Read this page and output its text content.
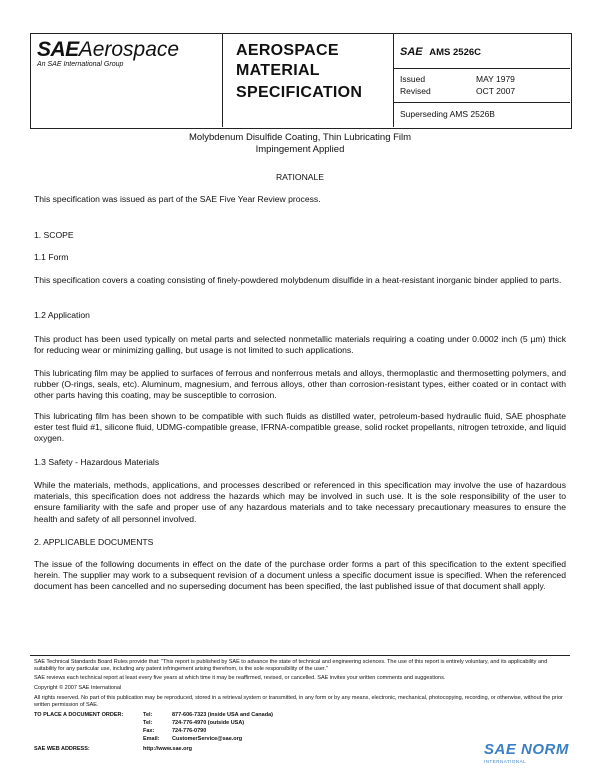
SAEAerospace
An SAE International Group
AEROSPACE
MATERIAL
SPECIFICATION
SAE AMS 2526C
Issued	MAY 1979
Revised	OCT 2007
Superseding AMS 2526B
Molybdenum Disulfide Coating, Thin Lubricating Film
Impingement Applied
RATIONALE
This specification was issued as part of the SAE Five Year Review process.
1. SCOPE
1.1 Form
This specification covers a coating consisting of finely-powdered molybdenum disulfide in a heat-resistant inorganic binder applied to parts.
1.2 Application
This product has been used typically on metal parts and selected nonmetallic materials requiring a coating under 0.0002 inch (5 µm) thick for reducing wear or minimizing galling, but usage is not limited to such applications.
This lubricating film may be applied to surfaces of ferrous and nonferrous metals and alloys, thermoplastic and thermosetting polymers, and rubber (O-rings, seals, etc). Aluminum, magnesium, and ferrous alloys, other than corrosion-resistant types, either coated or in contact with other parts having this coating, may be susceptible to corrosion.
This lubricating film has been shown to be compatible with such fluids as distilled water, petroleum-based hydraulic fluid, SAE phosphate ester test fluid #1, silicone fluid, UDMG-compatible grease, IFRNA-compatible grease, solid rocket propellants, nitrogen tetroxide, and liquid oxygen.
1.3 Safety - Hazardous Materials
While the materials, methods, applications, and processes described or referenced in this specification may involve the use of hazardous materials, this specification does not address the hazards which may be involved in such use. It is the sole responsibility of the user to ensure familiarity with the safe and proper use of any hazardous materials and to take necessary precautionary measures to ensure the health and safety of all personnel involved.
2. APPLICABLE DOCUMENTS
The issue of the following documents in effect on the date of the purchase order forms a part of this specification to the extent specified herein. The supplier may work to a subsequent revision of a document unless a specific document issue is specified. When the referenced document has been cancelled and no superseding document has been specified, the last published issue of that document shall apply.
SAE Technical Standards Board Rules provide that: "This report is published by SAE to advance the state of technical and engineering sciences. The use of this report is entirely voluntary, and its applicability and suitability for any particular use, including any patent infringement arising therefrom, is the sole responsibility of the user."
SAE reviews each technical report at least every five years at which time it may be reaffirmed, revised, or cancelled. SAE invites your written comments and suggestions.
Copyright © 2007 SAE International
All rights reserved. No part of this publication may be reproduced, stored in a retrieval system or transmitted, in any form or by any means, electronic, mechanical, photocopying, recording, or otherwise, without the prior written permission of SAE.
TO PLACE A DOCUMENT ORDER:	Tel:	877-606-7323 (inside USA and Canada)
Tel:	724-776-4970 (outside USA)
Fax:	724-776-0790
Email: CustomerService@sae.org
SAE WEB ADDRESS:	http://www.sae.org	SAE NORM
INTERNATIONAL
